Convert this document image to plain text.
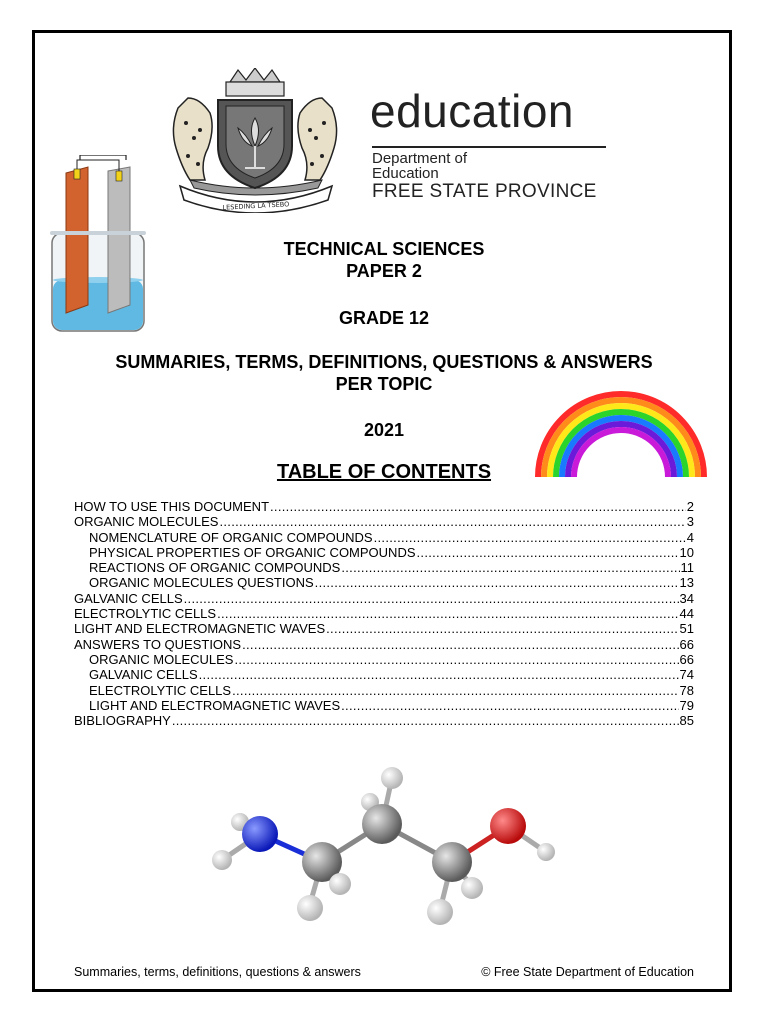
LESEDING LA TSEBO
education
Department of
Education
FREE STATE PROVINCE
TECHNICAL SCIENCES
PAPER 2
GRADE 12
SUMMARIES, TERMS, DEFINITIONS, QUESTIONS & ANSWERS
PER TOPIC
2021
TABLE OF CONTENTS
HOW TO USE THIS DOCUMENT .....	2
ORGANIC MOLECULES .....	3
NOMENCLATURE OF ORGANIC COMPOUNDS .....	4
PHYSICAL PROPERTIES OF ORGANIC COMPOUNDS .....	10
REACTIONS OF ORGANIC COMPOUNDS .....	11
ORGANIC MOLECULES QUESTIONS .....	13
GALVANIC CELLS .....	34
ELECTROLYTIC CELLS .....	44
LIGHT AND ELECTROMAGNETIC WAVES .....	51
ANSWERS TO QUESTIONS .....	66
ORGANIC MOLECULES .....	66
GALVANIC CELLS .....	74
ELECTROLYTIC CELLS .....	78
LIGHT AND ELECTROMAGNETIC WAVES .....	79
BIBLIOGRAPHY .....	85
Summaries, terms, definitions, questions & answers	© Free State Department of Education
